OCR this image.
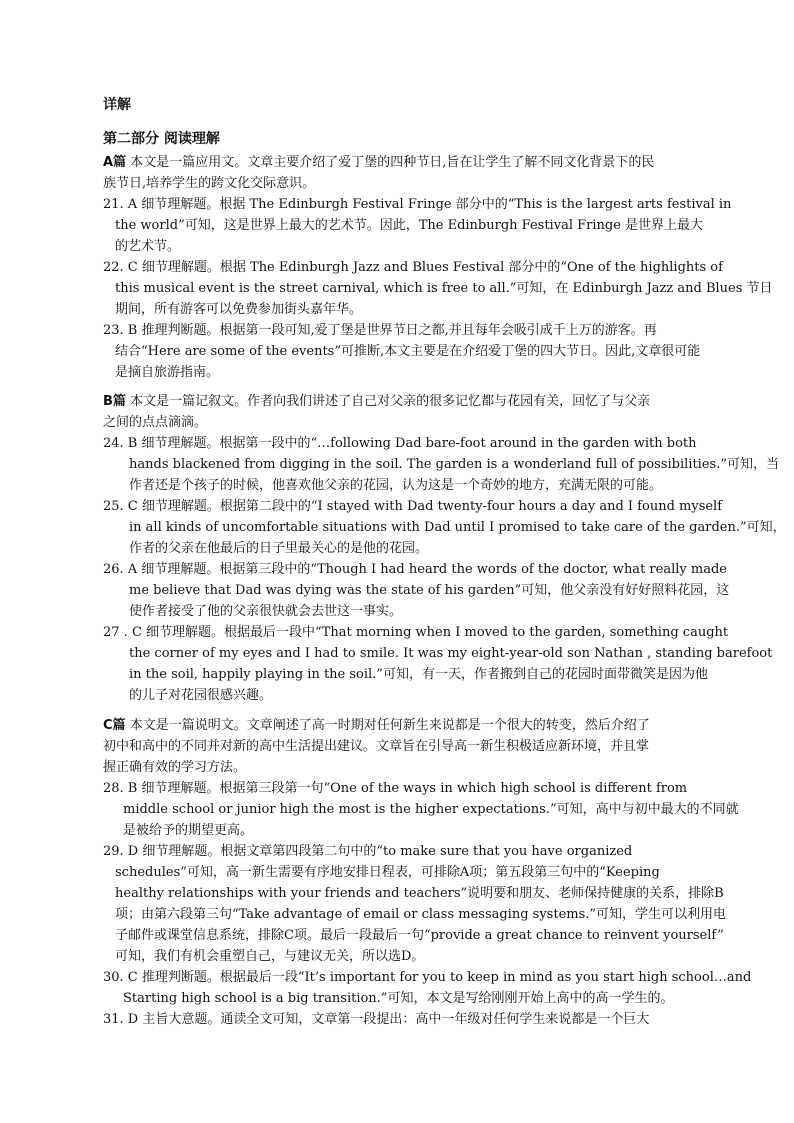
详解
第二部分 阅读理解
A篇 本文是一篇应用文。文章主要介绍了爱丁堡的四种节日,旨在让学生了解不同文化背景下的民
族节日,培养学生的跨文化交际意识。
21. A 细节理解题。根据 The Edinburgh Festival Fringe 部分中的“This is the largest arts festival in
the world”可知，这是世界上最大的艺术节。因此，The Edinburgh Festival Fringe 是世界上最大
的艺术节。
22. C 细节理解题。根据 The Edinburgh Jazz and Blues Festival 部分中的“One of the highlights of
this musical event is the street carnival, which is free to all.”可知，在 Edinburgh Jazz and Blues 节日
期间，所有游客可以免费参加街头嘉年华。
23. B 推理判断题。根据第一段可知,爱丁堡是世界节日之都,并且每年会吸引成千上万的游客。再
结合“Here are some of the events”可推断,本文主要是在介绍爱丁堡的四大节日。因此,文章很可能
是摘自旅游指南。
B篇 本文是一篇记叙文。作者向我们讲述了自己对父亲的很多记忆都与花园有关，回忆了与父亲
之间的点点滴滴。
24. B 细节理解题。根据第一段中的“…following Dad bare-foot around in the garden with both
hands blackened from digging in the soil. The garden is a wonderland full of possibilities.”可知，当
作者还是个孩子的时候，他喜欢他父亲的花园，认为这是一个奇妙的地方，充满无限的可能。
25. C 细节理解题。根据第二段中的“I stayed with Dad twenty-four hours a day and I found myself
in all kinds of uncomfortable situations with Dad until I promised to take care of the garden.”可知，
作者的父亲在他最后的日子里最关心的是他的花园。
26. A 细节理解题。根据第三段中的“Though I had heard the words of the doctor, what really made
me believe that Dad was dying was the state of his garden”可知，他父亲没有好好照料花园，这
使作者接受了他的父亲很快就会去世这一事实。
27 . C 细节理解题。根据最后一段中“That morning when I moved to the garden, something caught
the corner of my eyes and I had to smile. It was my eight-year-old son Nathan , standing barefoot
in the soil, happily playing in the soil.”可知，有一天，作者搬到自己的花园时面带微笑是因为他
的儿子对花园很感兴趣。
C篇 本文是一篇说明文。文章阐述了高一时期对任何新生来说都是一个很大的转变，然后介绍了
初中和高中的不同并对新的高中生活提出建议。文章旨在引导高一新生积极适应新环境，并且掌
握正确有效的学习方法。
28. B 细节理解题。根据第三段第一句“One of the ways in which high school is different from
middle school or junior high the most is the higher expectations.”可知，高中与初中最大的不同就
是被给予的期望更高。
29. D 细节理解题。根据文章第四段第二句中的“to make sure that you have organized
schedules”可知，高一新生需要有序地安排日程表，可排除A项；第五段第三句中的“Keeping
healthy relationships with your friends and teachers”说明要和朋友、老师保持健康的关系，排除B
项；由第六段第三句“Take advantage of email or class messaging systems.”可知，学生可以利用电
子邮件或课堂信息系统，排除C项。最后一段最后一句“provide a great chance to reinvent yourself”
可知，我们有机会重塑自己，与建议无关，所以选D。
30. C 推理判断题。根据最后一段“It’s important for you to keep in mind as you start high school…and
Starting high school is a big transition.”可知，本文是写给刚刚开始上高中的高一学生的。
31. D 主旨大意题。通读全文可知，文章第一段提出：高中一年级对任何学生来说都是一个巨大
